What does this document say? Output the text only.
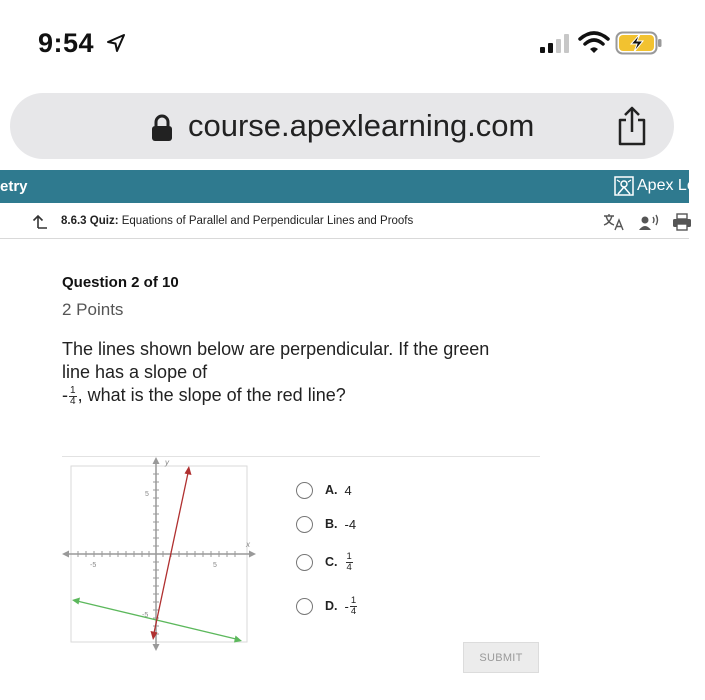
9:54
course.apexlearning.com
etry	Apex Lea
8.6.3 Quiz: Equations of Parallel and Perpendicular Lines and Proofs
Question 2 of 10
2 Points
The lines shown below are perpendicular. If the green
line has a slope of
- $\frac{1}{4}$ , what is the slope of the red line?
y
x
-5	5
5
-5
A. 4
B. -4
C. $\frac{1}{4}$
D. - $\frac{1}{4}$
SUBMIT
